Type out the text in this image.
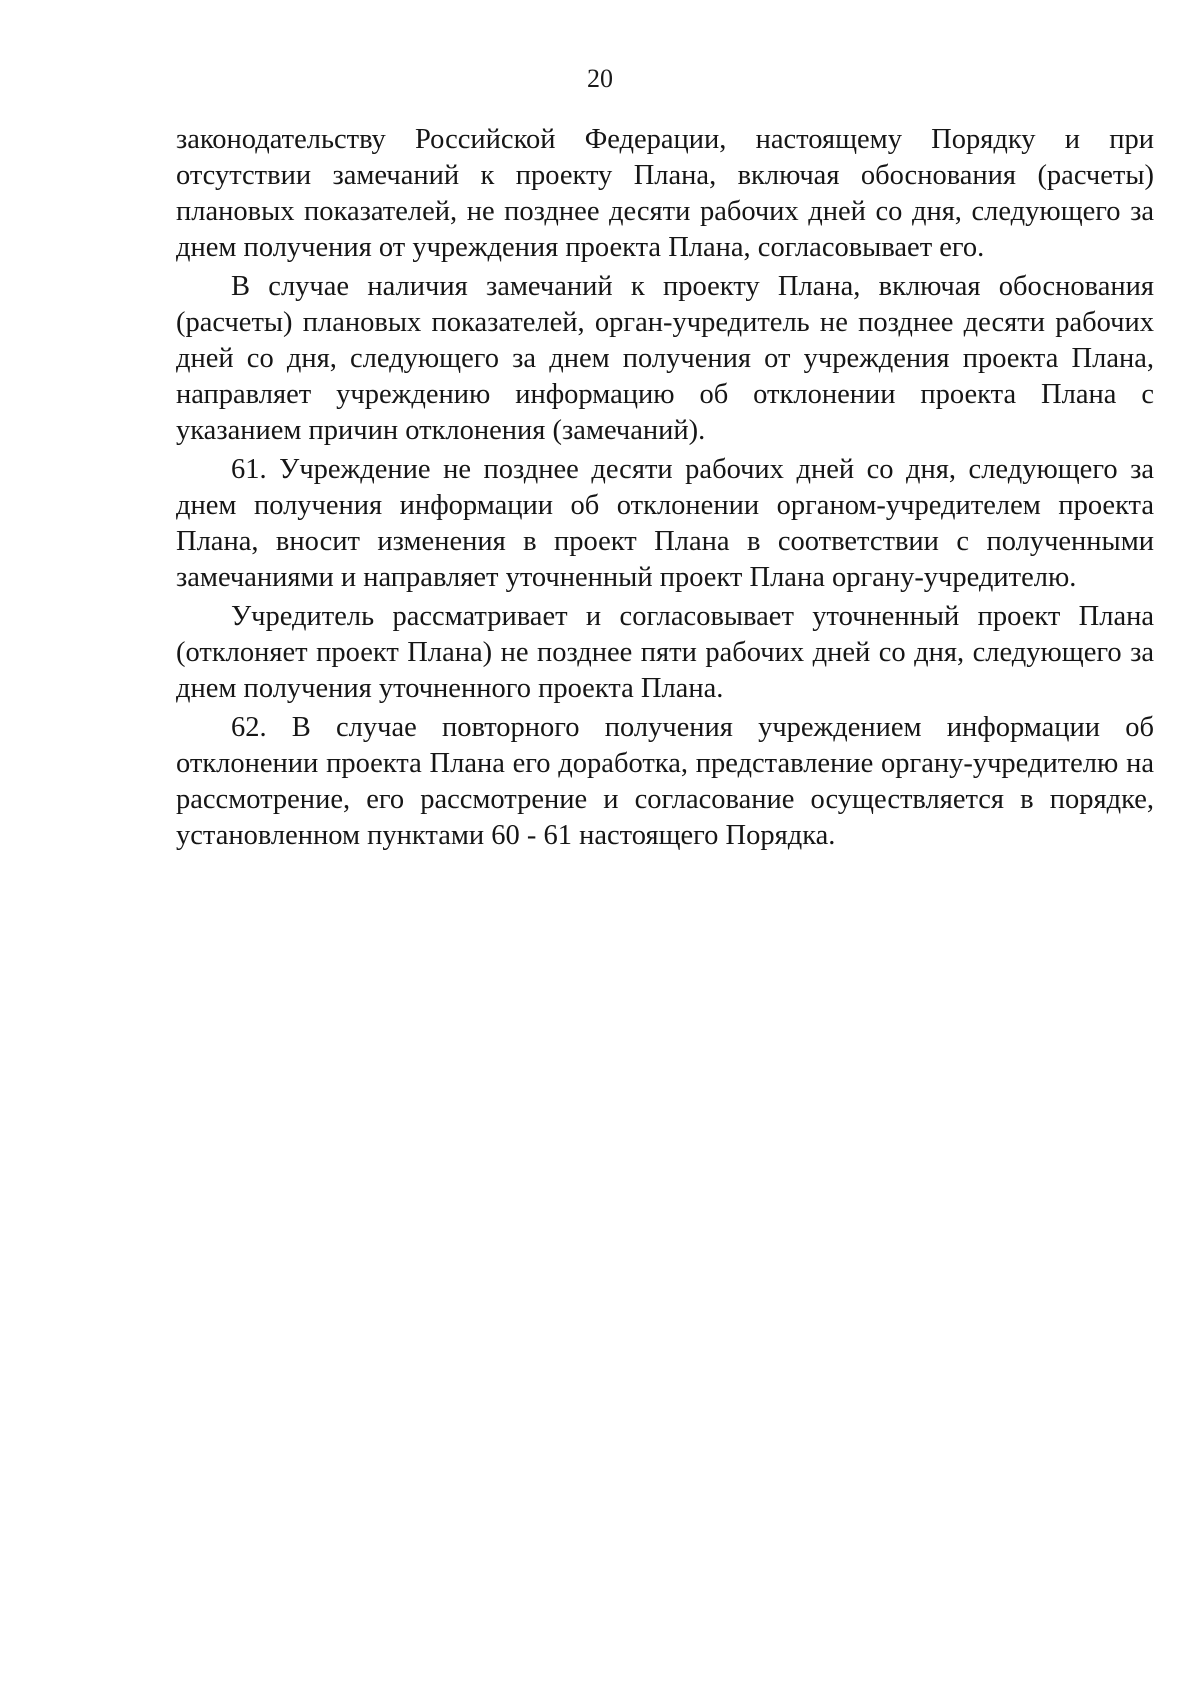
20

законодательству Российской Федерации, настоящему Порядку и при отсутствии замечаний к проекту Плана, включая обоснования (расчеты) плановых показателей, не позднее десяти рабочих дней со дня, следующего за днем получения от учреждения проекта Плана, согласовывает его.

В случае наличия замечаний к проекту Плана, включая обоснования (расчеты) плановых показателей, орган-учредитель не позднее десяти рабочих дней со дня, следующего за днем получения от учреждения проекта Плана, направляет учреждению информацию об отклонении проекта Плана с указанием причин отклонения (замечаний).

61. Учреждение не позднее десяти рабочих дней со дня, следующего за днем получения информации об отклонении органом-учредителем проекта Плана, вносит изменения в проект Плана в соответствии с полученными замечаниями и направляет уточненный проект Плана органу-учредителю.

Учредитель рассматривает и согласовывает уточненный проект Плана (отклоняет проект Плана) не позднее пяти рабочих дней со дня, следующего за днем получения уточненного проекта Плана.

62. В случае повторного получения учреждением информации об отклонении проекта Плана его доработка, представление органу-учредителю на рассмотрение, его рассмотрение и согласование осуществляется в порядке, установленном пунктами 60 - 61 настоящего Порядка.
